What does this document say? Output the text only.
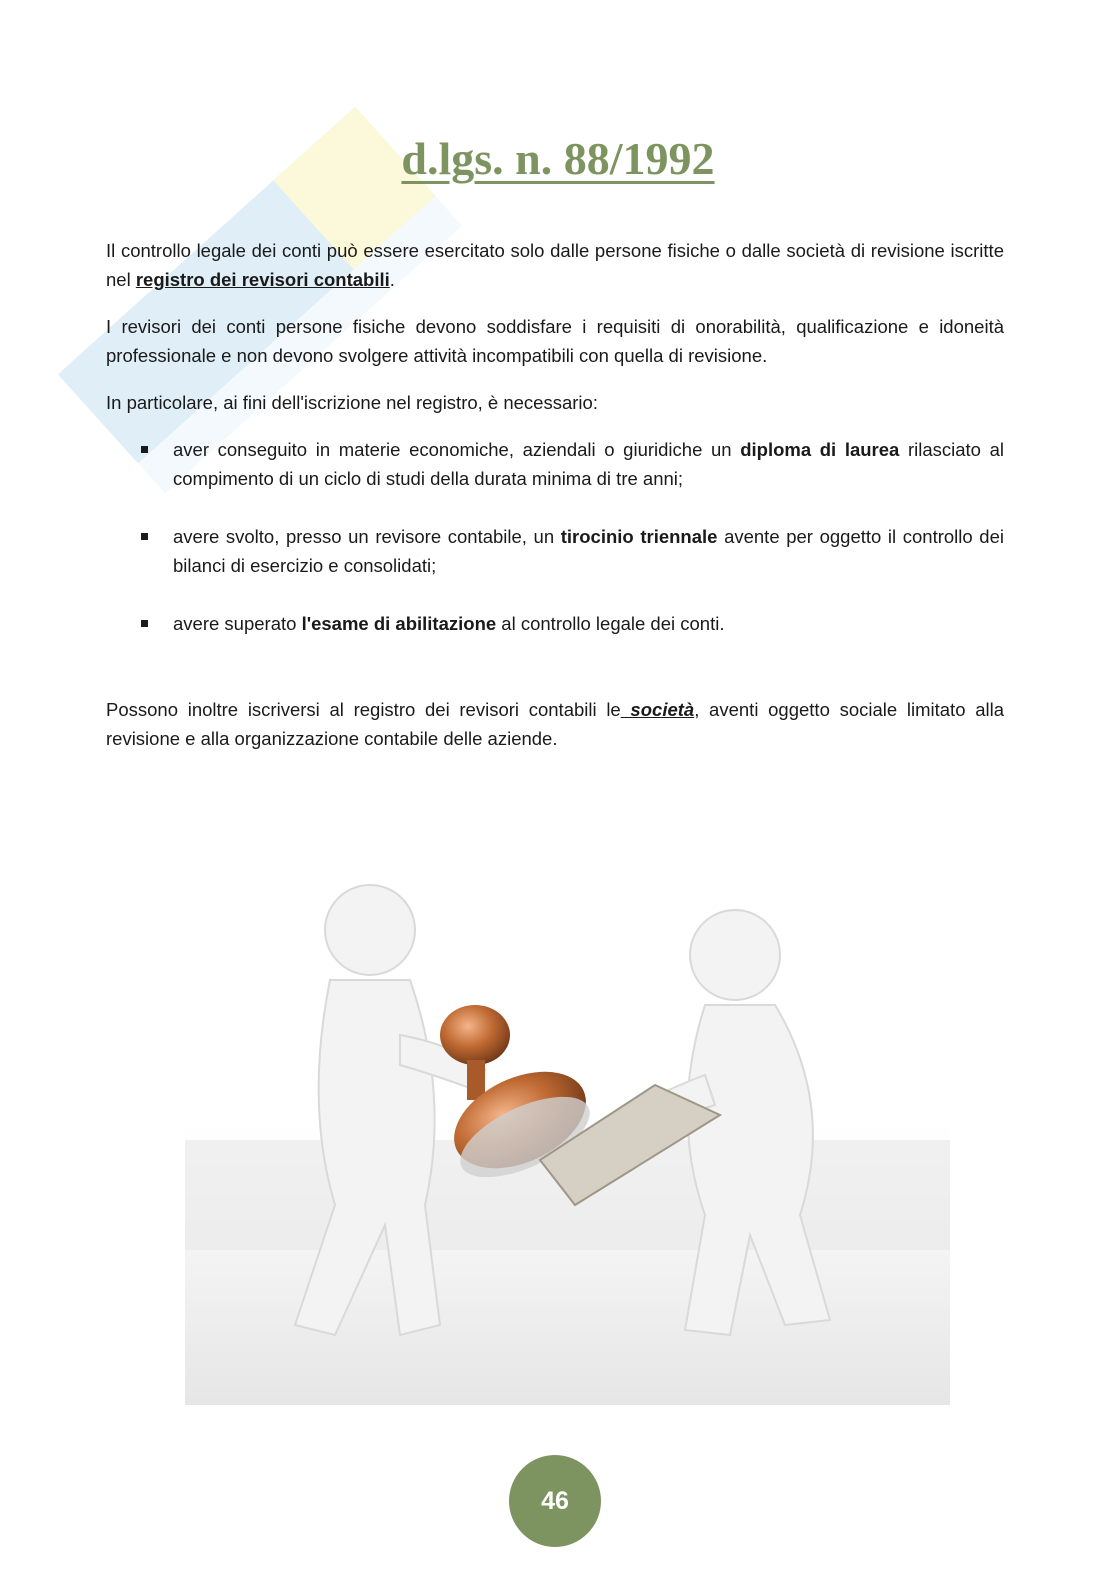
d.lgs. n. 88/1992

Il controllo legale dei conti può essere esercitato solo dalle persone fisiche o dalle società di revisione iscritte nel registro dei revisori contabili.

I revisori dei conti persone fisiche devono soddisfare i requisiti di onorabilità, qualificazione e idoneità professionale e non devono svolgere attività incompatibili con quella di revisione.

In particolare, ai fini dell'iscrizione nel registro, è necessario:

aver conseguito in materie economiche, aziendali o giuridiche un diploma di laurea rilasciato al compimento di un ciclo di studi della durata minima di tre anni;
avere svolto, presso un revisore contabile, un tirocinio triennale avente per oggetto il controllo dei bilanci di esercizio e consolidati;
avere superato l'esame di abilitazione al controllo legale dei conti.

Possono inoltre iscriversi al registro dei revisori contabili le società, aventi oggetto sociale limitato alla revisione e alla organizzazione contabile delle aziende.

46
